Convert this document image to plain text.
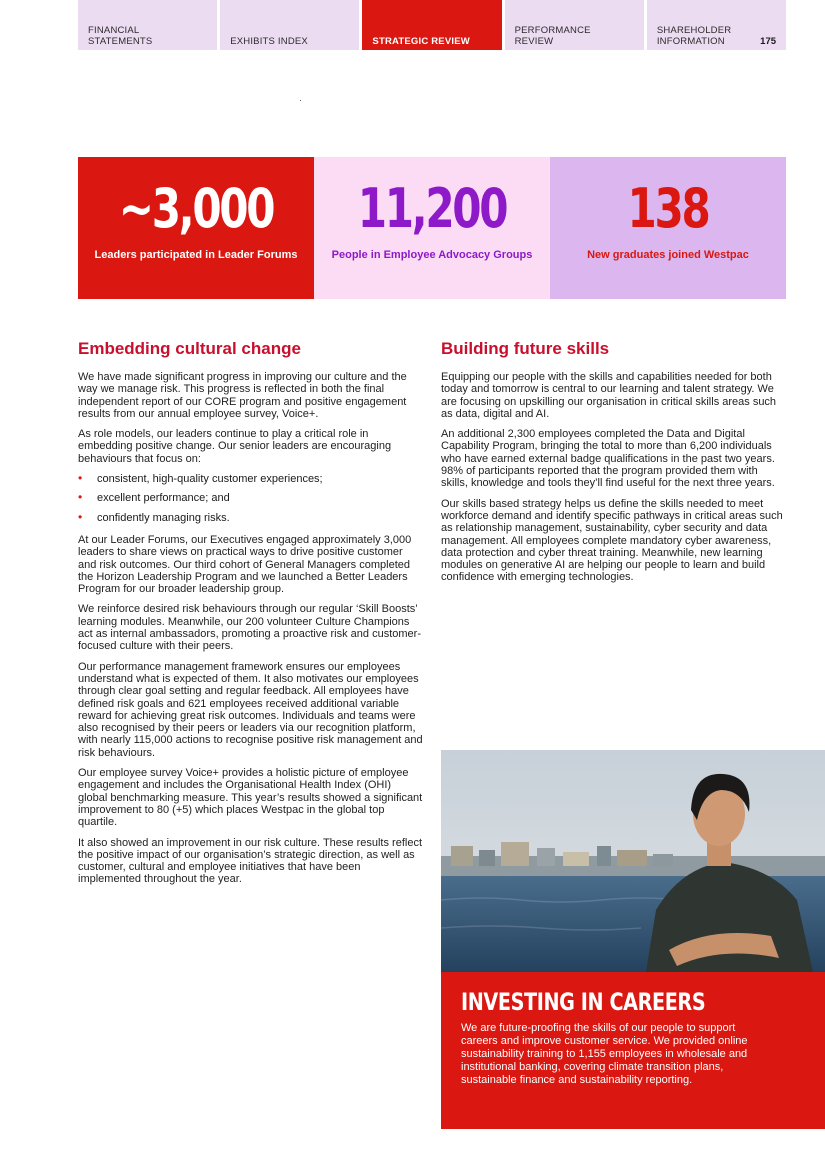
FINANCIAL
STATEMENTS	EXHIBITS INDEX	STRATEGIC REVIEW
PERFORMANCE
REVIEW
SHAREHOLDER
INFORMATION	175
~3,000
Leaders participated in Leader Forums
11,200
People in Employee Advocacy Groups
138
New graduates joined Westpac
Embedding cultural change

We have made significant progress in improving our culture and the way we manage risk. This progress is reflected in both the final independent report of our CORE program and positive engagement results from our annual employee survey, Voice+.

As role models, our leaders continue to play a critical role in embedding positive change. Our senior leaders are encouraging behaviours that focus on:

• consistent, high-quality customer experiences;
• excellent performance; and
• confidently managing risks.

At our Leader Forums, our Executives engaged approximately 3,000 leaders to share views on practical ways to drive positive customer and risk outcomes. Our third cohort of General Managers completed the Horizon Leadership Program and we launched a Better Leaders Program for our broader leadership group.

We reinforce desired risk behaviours through our regular ‘Skill Boosts’ learning modules. Meanwhile, our 200 volunteer Culture Champions act as internal ambassadors, promoting a proactive risk and customer-focused culture with their peers.

Our performance management framework ensures our employees understand what is expected of them. It also motivates our employees through clear goal setting and regular feedback. All employees have defined risk goals and 621 employees received additional variable reward for achieving great risk outcomes. Individuals and teams were also recognised by their peers or leaders via our recognition platform, with nearly 115,000 actions to recognise positive risk management and risk behaviours.

Our employee survey Voice+ provides a holistic picture of employee engagement and includes the Organisational Health Index (OHI) global benchmarking measure. This year’s results showed a significant improvement to 80 (+5) which places Westpac in the global top quartile.

It also showed an improvement in our risk culture. These results reflect the positive impact of our organisation’s strategic direction, as well as customer, cultural and employee initiatives that have been implemented throughout the year.

Building future skills

Equipping our people with the skills and capabilities needed for both today and tomorrow is central to our learning and talent strategy. We are focusing on upskilling our organisation in critical skills areas such as data, digital and AI.

An additional 2,300 employees completed the Data and Digital Capability Program, bringing the total to more than 6,200 individuals who have earned external badge qualifications in the past two years. 98% of participants reported that the program provided them with skills, knowledge and tools they’ll find useful for the next three years.

Our skills based strategy helps us define the skills needed to meet workforce demand and identify specific pathways in critical areas such as relationship management, sustainability, cyber security and data management. All employees complete mandatory cyber awareness, data protection and cyber threat training. Meanwhile, new learning modules on generative AI are helping our people to learn and build confidence with emerging technologies.

INVESTING IN CAREERS
We are future-proofing the skills of our people to support careers and improve customer service. We provided online sustainability training to 1,155 employees in wholesale and institutional banking, covering climate transition plans, sustainable finance and sustainability reporting.
